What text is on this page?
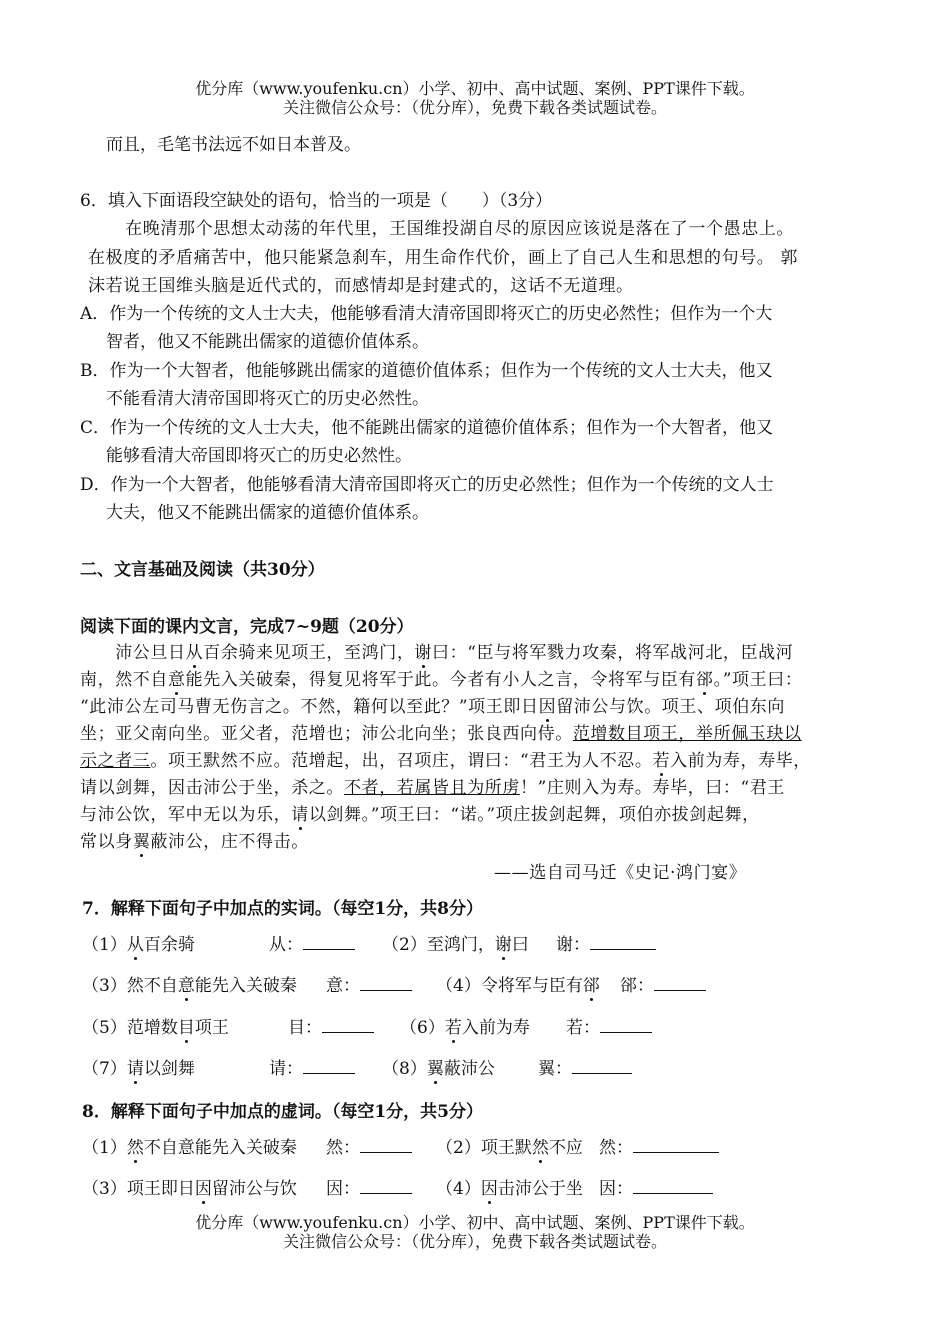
优分库（www.youfenku.cn）小学、初中、高中试题、案例、PPT课件下载。
关注微信公众号：（优分库），免费下载各类试题试卷。
而且，毛笔书法远不如日本普及。
6．填入下面语段空缺处的语句，恰当的一项是（　　）（3分）
　　在晚清那个思想太动荡的年代里，王国维投湖自尽的原因应该说是落在了一个愚忠上。
在极度的矛盾痛苦中，他只能紧急刹车，用生命作代价，画上了自己人生和思想的句号。 郭
沫若说王国维头脑是近代式的，而感情却是封建式的，这话不无道理。
A．作为一个传统的文人士大夫，他能够看清大清帝国即将灭亡的历史必然性；但作为一个大
智者，他又不能跳出儒家的道德价值体系。
B．作为一个大智者，他能够跳出儒家的道德价值体系；但作为一个传统的文人士大夫，他又
不能看清大清帝国即将灭亡的历史必然性。
C．作为一个传统的文人士大夫，他不能跳出儒家的道德价值体系；但作为一个大智者，他又
能够看清大帝国即将灭亡的历史必然性。
D．作为一个大智者，他能够看清大清帝国即将灭亡的历史必然性；但作为一个传统的文人士
大夫，他又不能跳出儒家的道德价值体系。
二、文言基础及阅读（共30分）
阅读下面的课内文言，完成7~9题（20分）
　　沛公旦日从百余骑来见项王，至鸿门，谢曰：“臣与将军戮力攻秦，将军战河北，臣战河
南，然不自意能先入关破秦，得复见将军于此。今者有小人之言，令将军与臣有郤。”项王曰：
“此沛公左司马曹无伤言之。不然，籍何以至此？”项王即日因留沛公与饮。项王、项伯东向
坐；亚父南向坐。亚父者，范增也；沛公北向坐；张良西向侍。范增数目项王，举所佩玉玦以
示之者三。项王默然不应。范增起，出，召项庄，谓曰：“君王为人不忍。若入前为寿，寿毕，
请以剑舞，因击沛公于坐，杀之。不者，若属皆且为所虏！”庄则入为寿。寿毕，曰：“君王
与沛公饮，军中无以为乐，请以剑舞。”项王曰：“诺。”项庄拔剑起舞，项伯亦拔剑起舞，
常以身翼蔽沛公，庄不得击。
——选自司马迁《史记·鸿门宴》
7．解释下面句子中加点的实词。（每空1分，共8分）
（1）从百余骑	从：	（2）至鸿门，谢曰 谢：
（3）然不自意能先入关破秦 意：	（4）令将军与臣有郤 郤：
（5）范增数目项王	目：	（6）若入前为寿 若：
（7）请以剑舞	请：	（8）翼蔽沛公	翼：
8．解释下面句子中加点的虚词。（每空1分，共5分）
（1）然不自意能先入关破秦 然：	（2）项王默然不应 然：
（3）项王即日因留沛公与饮 因：	（4）因击沛公于坐 因：
优分库（www.youfenku.cn）小学、初中、高中试题、案例、PPT课件下载。
关注微信公众号：（优分库），免费下载各类试题试卷。
